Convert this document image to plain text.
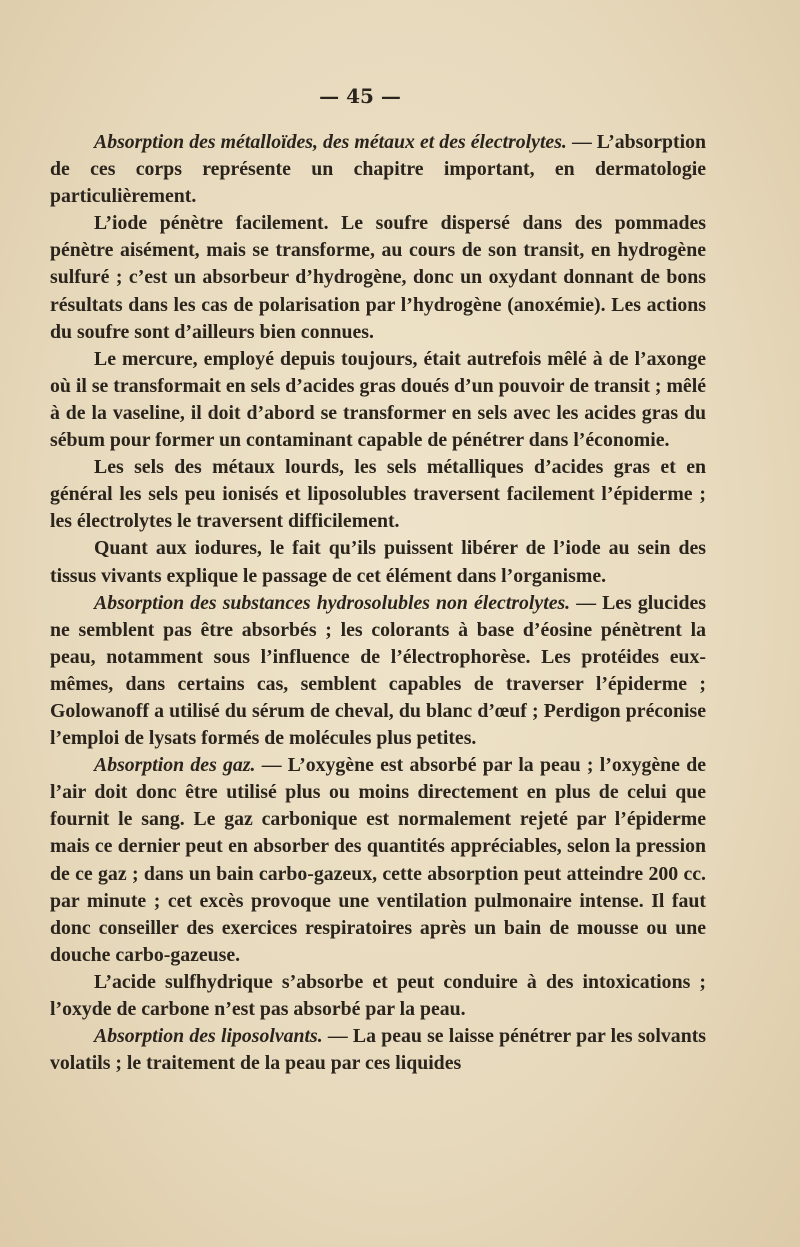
— 45 —

Absorption des métalloïdes, des métaux et des électrolytes. — L’absorption de ces corps représente un chapitre important, en dermatologie particulièrement.

L’iode pénètre facilement. Le soufre dispersé dans des pommades pénètre aisément, mais se transforme, au cours de son transit, en hydrogène sulfuré ; c’est un absorbeur d’hydrogène, donc un oxydant donnant de bons résultats dans les cas de polarisation par l’hydrogène (anoxémie). Les actions du soufre sont d’ailleurs bien connues.

Le mercure, employé depuis toujours, était autrefois mêlé à de l’axonge où il se transformait en sels d’acides gras doués d’un pouvoir de transit ; mêlé à de la vaseline, il doit d’abord se transformer en sels avec les acides gras du sébum pour former un contaminant capable de pénétrer dans l’économie.

Les sels des métaux lourds, les sels métalliques d’acides gras et en général les sels peu ionisés et liposolubles traversent facilement l’épiderme ; les électrolytes le traversent difficilement.

Quant aux iodures, le fait qu’ils puissent libérer de l’iode au sein des tissus vivants explique le passage de cet élément dans l’organisme.

Absorption des substances hydrosolubles non électrolytes. — Les glucides ne semblent pas être absorbés ; les colorants à base d’éosine pénètrent la peau, notamment sous l’influence de l’électrophorèse. Les protéides eux-mêmes, dans certains cas, semblent capables de traverser l’épiderme ; Golowanoff a utilisé du sérum de cheval, du blanc d’œuf ; Perdigon préconise l’emploi de lysats formés de molécules plus petites.

Absorption des gaz. — L’oxygène est absorbé par la peau ; l’oxygène de l’air doit donc être utilisé plus ou moins directement en plus de celui que fournit le sang. Le gaz carbonique est normalement rejeté par l’épiderme mais ce dernier peut en absorber des quantités appréciables, selon la pression de ce gaz ; dans un bain carbo-gazeux, cette absorption peut atteindre 200 cc. par minute ; cet excès provoque une ventilation pulmonaire intense. Il faut donc conseiller des exercices respiratoires après un bain de mousse ou une douche carbo-gazeuse.

L’acide sulfhydrique s’absorbe et peut conduire à des intoxications ; l’oxyde de carbone n’est pas absorbé par la peau.

Absorption des liposolvants. — La peau se laisse pénétrer par les solvants volatils ; le traitement de la peau par ces liquides
